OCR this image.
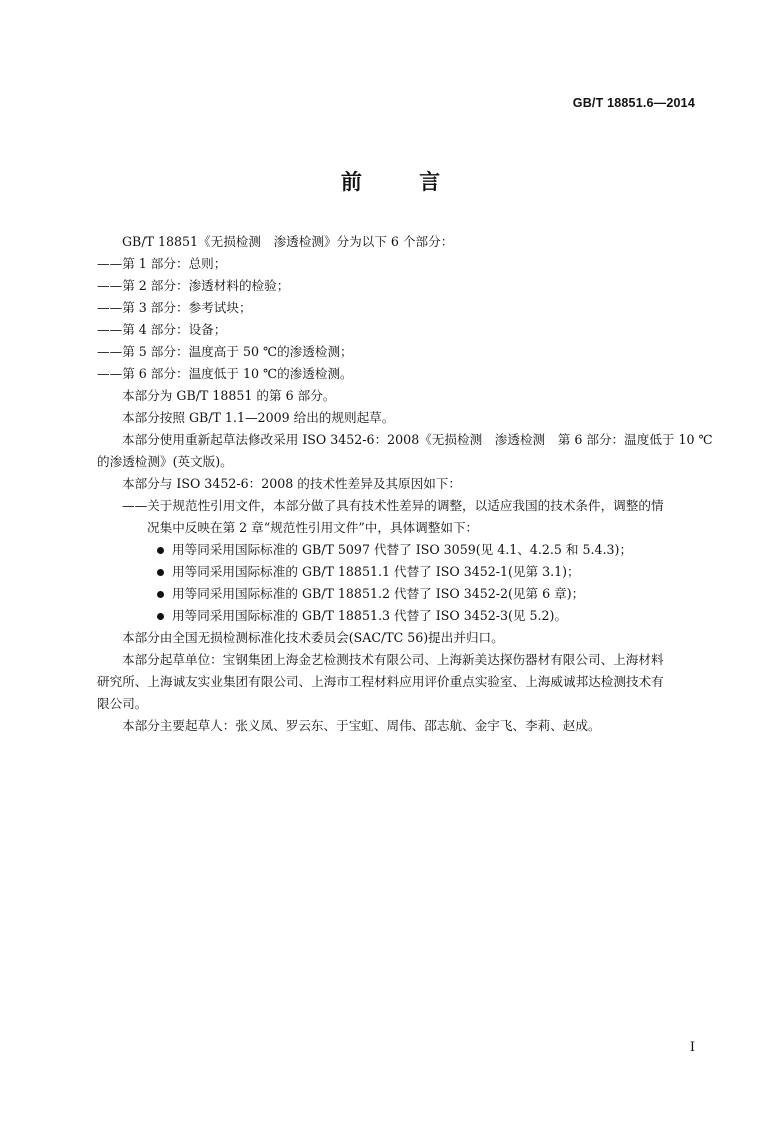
GB/T 18851.6—2014
前 言

GB/T 18851《无损检测　渗透检测》分为以下 6 个部分：

——第 1 部分：总则；

——第 2 部分：渗透材料的检验；

——第 3 部分：参考试块；

——第 4 部分：设备；

——第 5 部分：温度高于 50 ℃的渗透检测；

——第 6 部分：温度低于 10 ℃的渗透检测。

本部分为 GB/T 18851 的第 6 部分。

本部分按照 GB/T 1.1—2009 给出的规则起草。

本部分使用重新起草法修改采用 ISO 3452-6：2008《无损检测　渗透检测　第 6 部分：温度低于 10 ℃

的渗透检测》(英文版)。

本部分与 ISO 3452-6：2008 的技术性差异及其原因如下：

——关于规范性引用文件，本部分做了具有技术性差异的调整，以适应我国的技术条件，调整的情

况集中反映在第 2 章“规范性引用文件”中，具体调整如下：

用等同采用国际标准的 GB/T 5097 代替了 ISO 3059(见 4.1、4.2.5 和 5.4.3)；
用等同采用国际标准的 GB/T 18851.1 代替了 ISO 3452-1(见第 3.1)；
用等同采用国际标准的 GB/T 18851.2 代替了 ISO 3452-2(见第 6 章)；
用等同采用国际标准的 GB/T 18851.3 代替了 ISO 3452-3(见 5.2)。

本部分由全国无损检测标准化技术委员会(SAC/TC 56)提出并归口。

本部分起草单位：宝钢集团上海金艺检测技术有限公司、上海新美达探伤器材有限公司、上海材料

研究所、上海诚友实业集团有限公司、上海市工程材料应用评价重点实验室、上海威诚邦达检测技术有

限公司。

本部分主要起草人：张义凤、罗云东、于宝虹、周伟、邵志航、金宇飞、李莉、赵成。

I
